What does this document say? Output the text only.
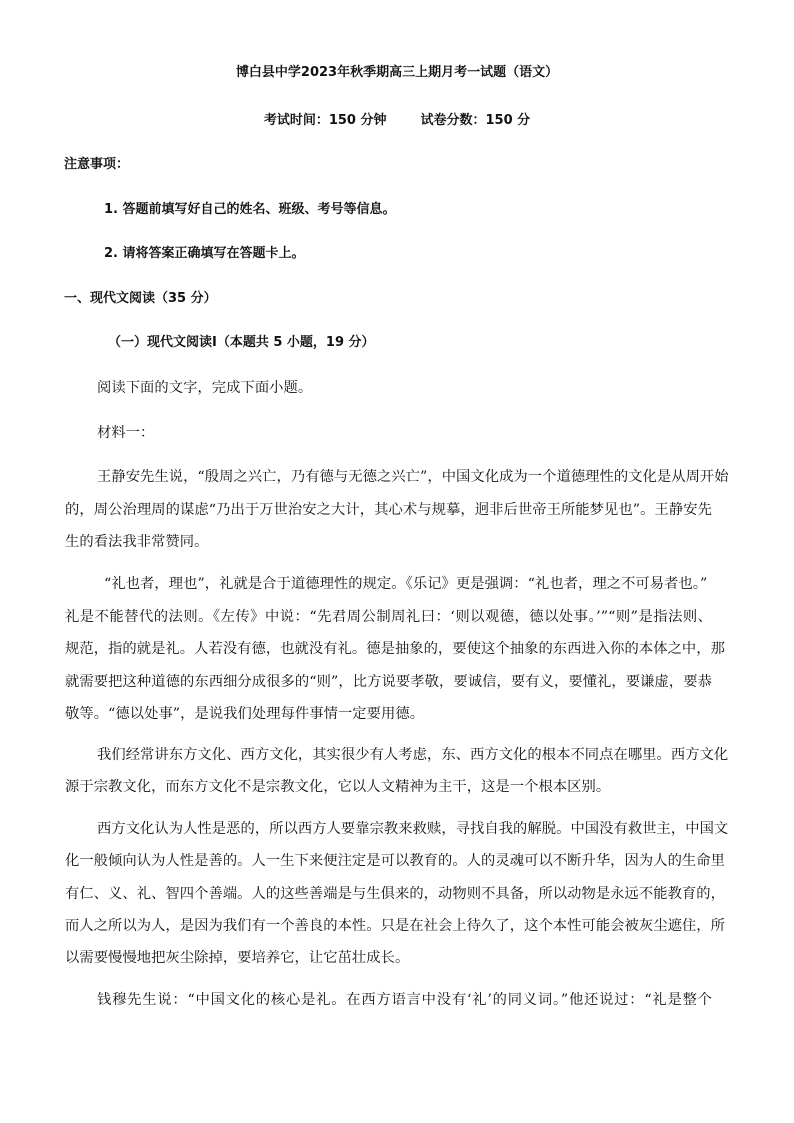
博白县中学2023年秋季期高三上期月考一试题（语文）
考试时间：150 分钟	试卷分数：150 分
注意事项：
1. 答题前填写好自己的姓名、班级、考号等信息。
2. 请将答案正确填写在答题卡上。
一、现代文阅读（35 分）
（一）现代文阅读Ⅰ（本题共 5 小题，19 分）
阅读下面的文字，完成下面小题。
材料一：
王静安先生说，“殷周之兴亡，乃有德与无德之兴亡”，中国文化成为一个道德理性的文化是从周开始
的，周公治理周的谋虑“乃出于万世治安之大计，其心术与规摹，迥非后世帝王所能梦见也”。王静安先
生的看法我非常赞同。
“礼也者，理也”，礼就是合于道德理性的规定。《乐记》更是强调：“礼也者，理之不可易者也。”
礼是不能替代的法则。《左传》中说：“先君周公制周礼曰：‘则以观德，德以处事。’”“则”是指法则、
规范，指的就是礼。人若没有德，也就没有礼。德是抽象的，要使这个抽象的东西进入你的本体之中，那
就需要把这种道德的东西细分成很多的“则”，比方说要孝敬，要诚信，要有义，要懂礼，要谦虚，要恭
敬等。“德以处事”，是说我们处理每件事情一定要用德。
我们经常讲东方文化、西方文化，其实很少有人考虑，东、西方文化的根本不同点在哪里。西方文化
源于宗教文化，而东方文化不是宗教文化，它以人文精神为主干，这是一个根本区别。
西方文化认为人性是恶的，所以西方人要靠宗教来救赎，寻找自我的解脱。中国没有救世主，中国文
化一般倾向认为人性是善的。人一生下来便注定是可以教育的。人的灵魂可以不断升华，因为人的生命里
有仁、义、礼、智四个善端。人的这些善端是与生俱来的，动物则不具备，所以动物是永远不能教育的，
而人之所以为人，是因为我们有一个善良的本性。只是在社会上待久了，这个本性可能会被灰尘遮住，所
以需要慢慢地把灰尘除掉，要培养它，让它茁壮成长。
钱穆先生说：“中国文化的核心是礼。在西方语言中没有‘礼’的同义词。”他还说过：“礼是整个
